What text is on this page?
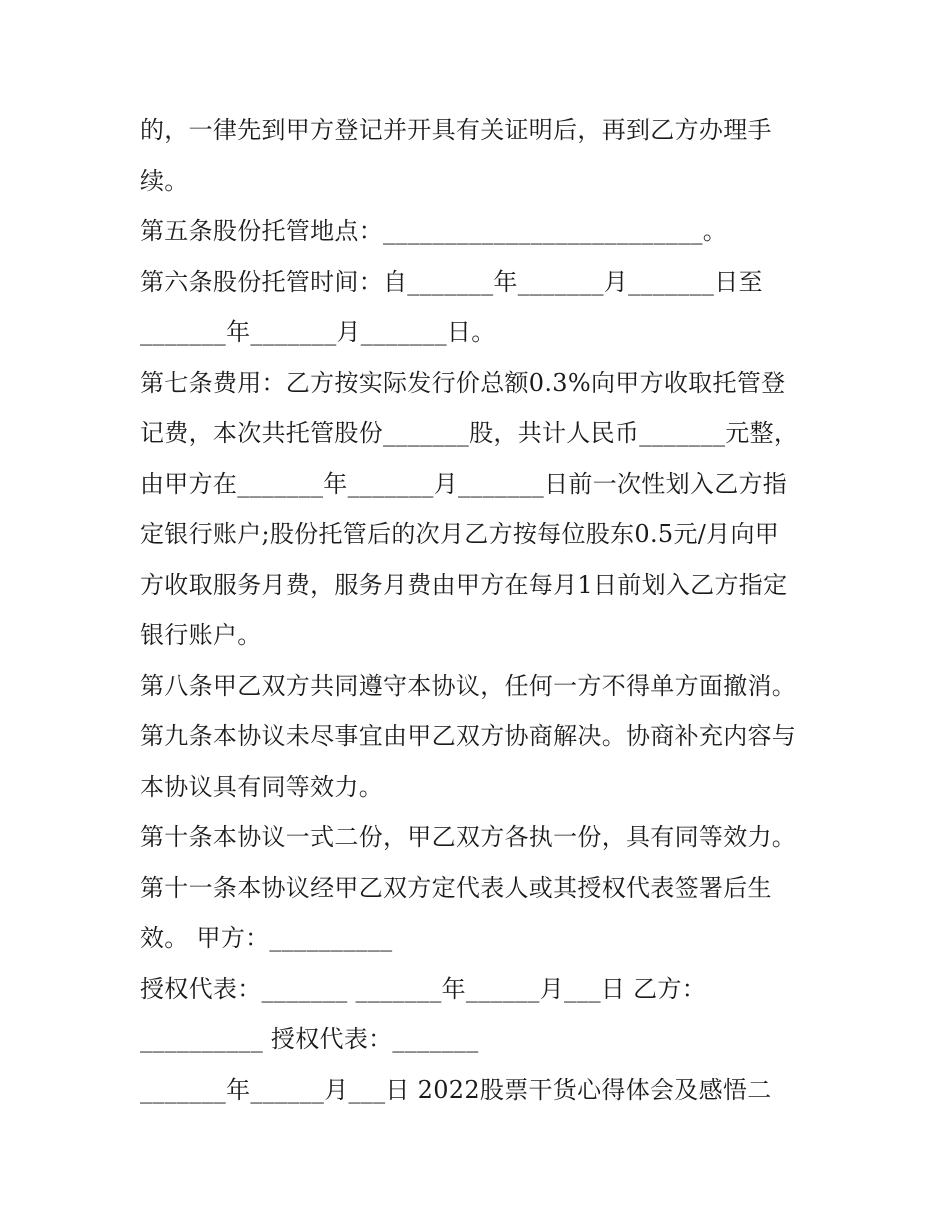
的，一律先到甲方登记并开具有关证明后，再到乙方办理手
续。
第五条股份托管地点：__________________________。
第六条股份托管时间：自_______年_______月_______日至
_______年_______月_______日。
第七条费用：乙方按实际发行价总额0.3%向甲方收取托管登
记费，本次共托管股份_______股，共计人民币_______元整，
由甲方在_______年_______月_______日前一次性划入乙方指
定银行账户;股份托管后的次月乙方按每位股东0.5元/月向甲
方收取服务月费，服务月费由甲方在每月1日前划入乙方指定
银行账户。
第八条甲乙双方共同遵守本协议，任何一方不得单方面撤消。
第九条本协议未尽事宜由甲乙双方协商解决。协商补充内容与
本协议具有同等效力。
第十条本协议一式二份，甲乙双方各执一份，具有同等效力。
第十一条本协议经甲乙双方定代表人或其授权代表签署后生
效。 甲方：__________
授权代表：_______ _______年______月___日 乙方：
__________ 授权代表：_______
_______年______月___日 2022股票干货心得体会及感悟二
